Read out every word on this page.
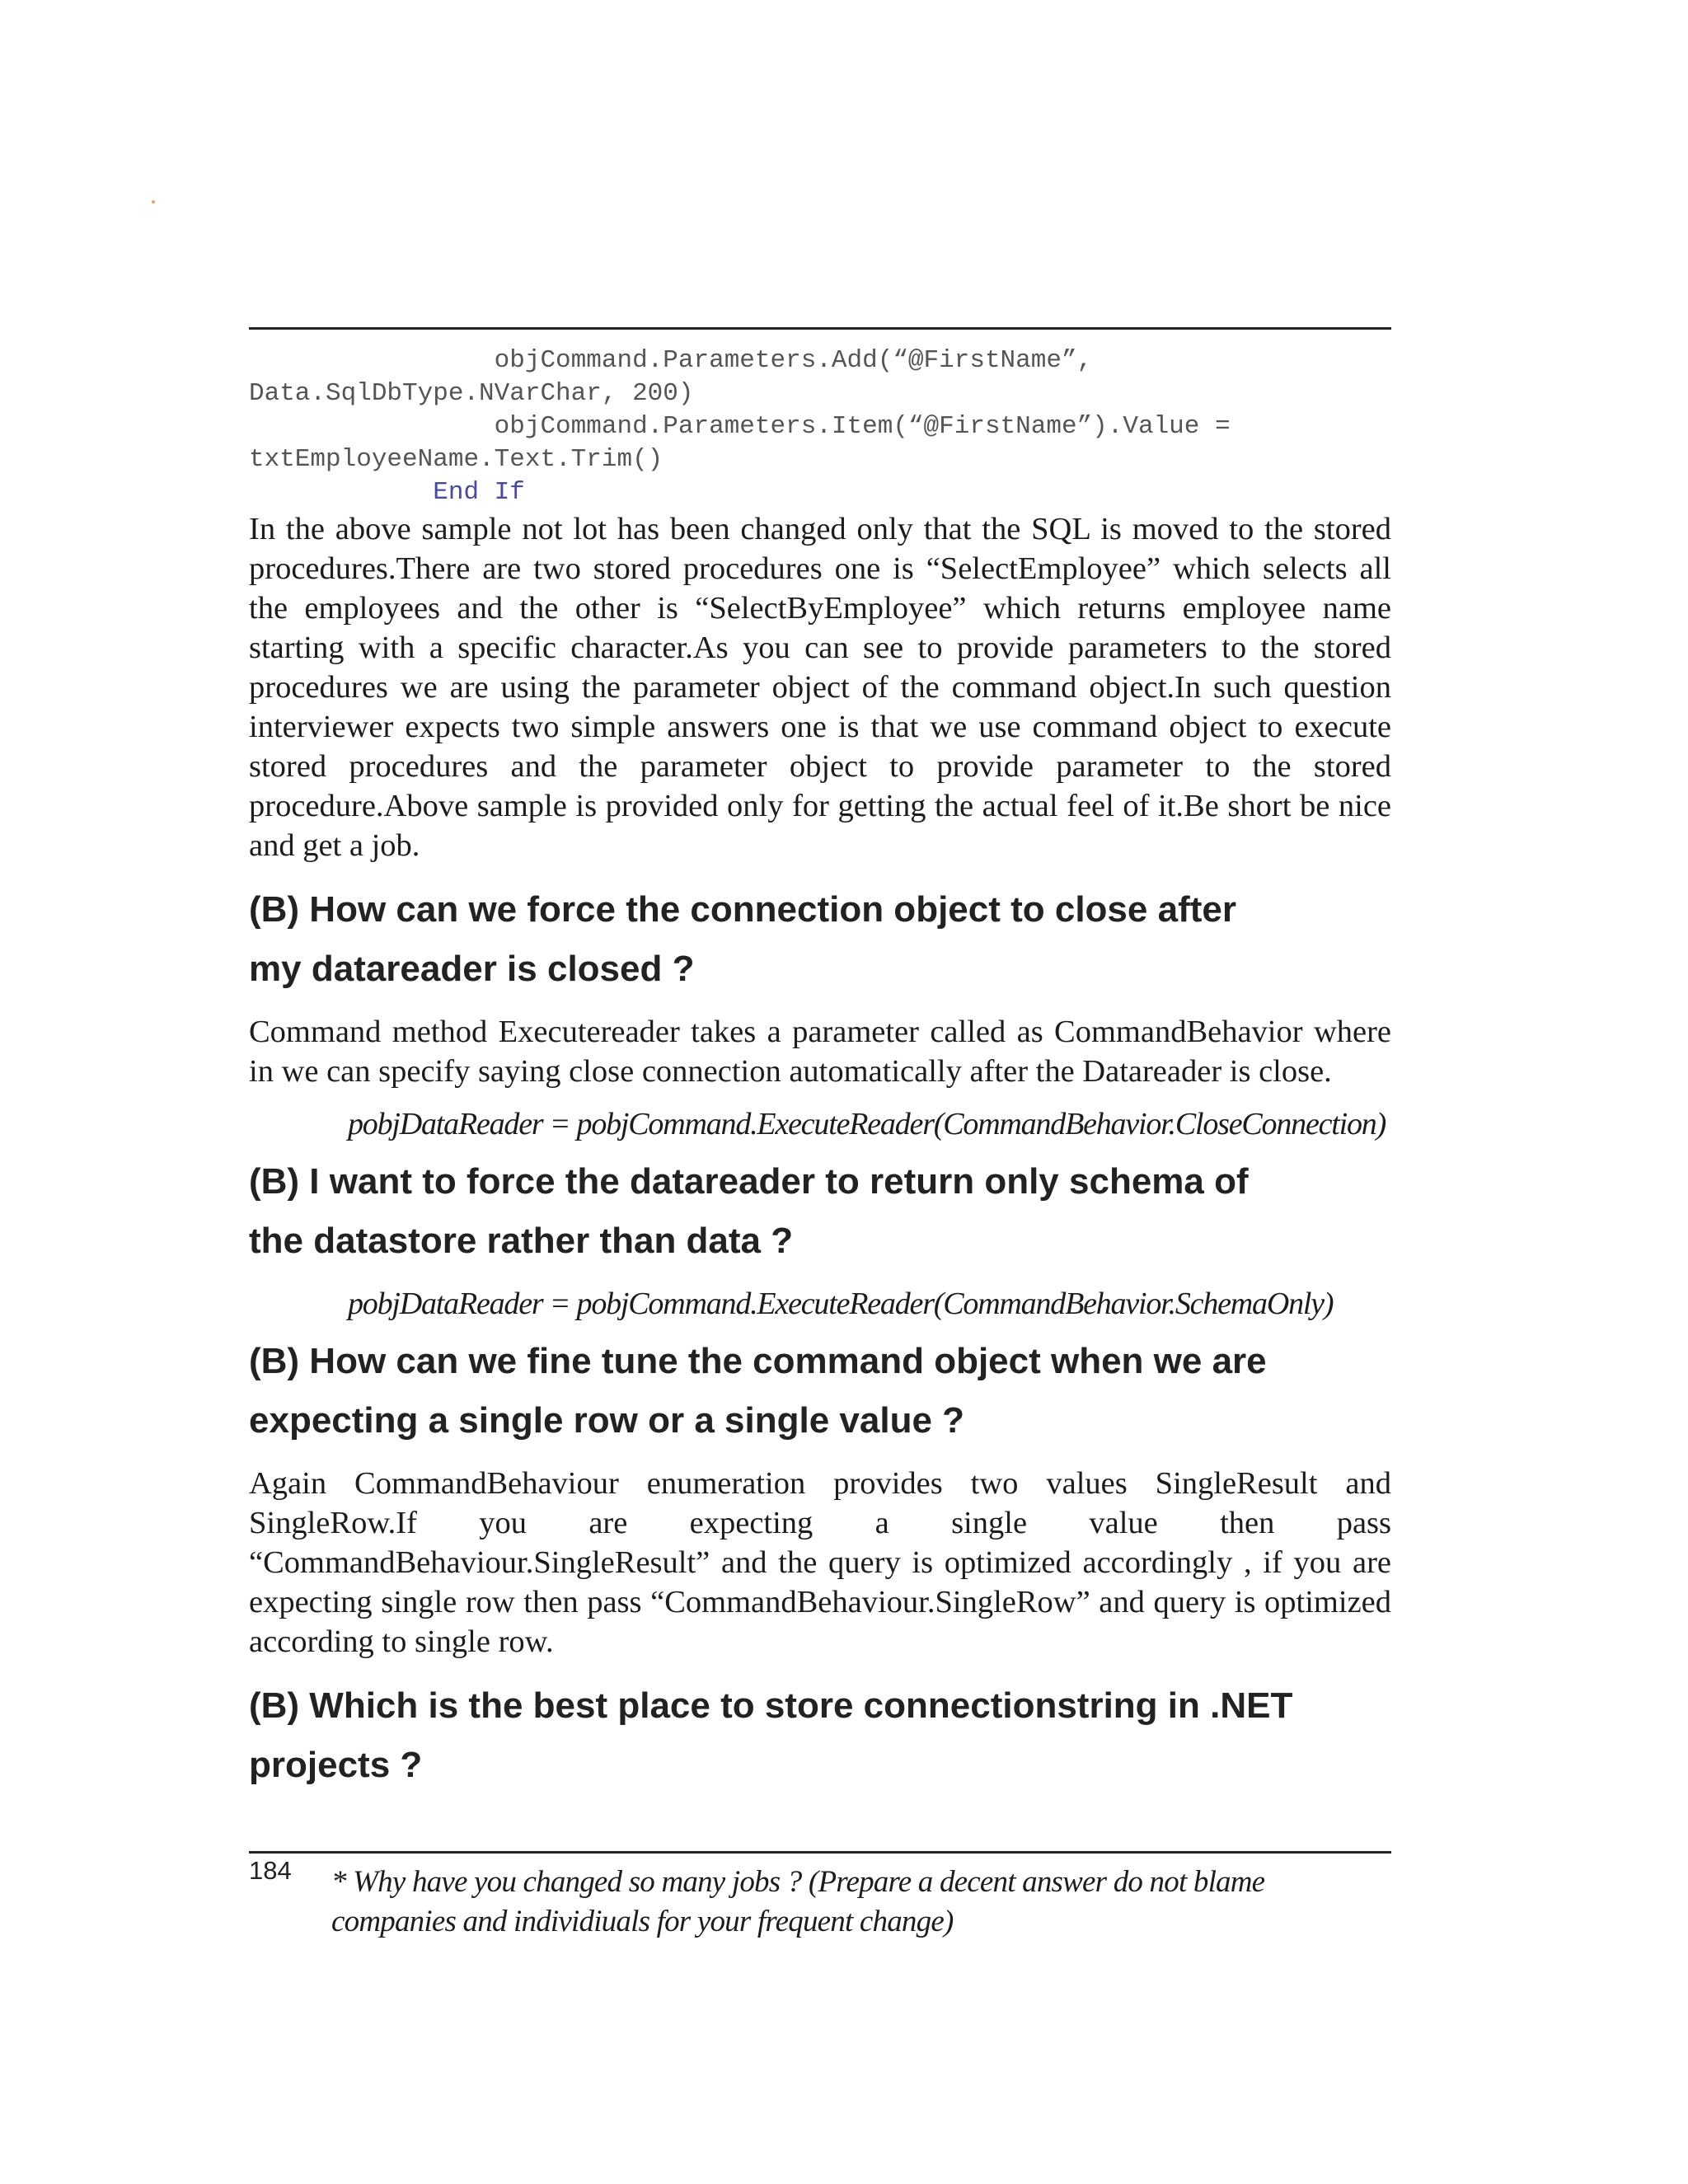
objCommand.Parameters.Add(“@FirstName”,
Data.SqlDbType.NVarChar, 200)
objCommand.Parameters.Item(“@FirstName”).Value =
txtEmployeeName.Text.Trim()
End If

In the above sample not lot has been changed only that the SQL is moved to the stored procedures.There are two stored procedures one is “SelectEmployee” which selects all the employees and the other is “SelectByEmployee” which returns employee name starting with a specific character.As you can see to provide parameters to the stored procedures we are using the parameter object of the command object.In such question interviewer expects two simple answers one is that we use command object to execute stored procedures and the parameter object to provide parameter to the stored procedure.Above sample is provided only for getting the actual feel of it.Be short be nice and get a job.

(B) How can we force the connection object to close after
my datareader is closed ?

Command method Executereader takes a parameter called as CommandBehavior where in we can specify saying close connection automatically after the Datareader is close.

pobjDataReader = pobjCommand.ExecuteReader(CommandBehavior.CloseConnection)

(B) I want to force the datareader to return only schema of
the datastore rather than data ?

pobjDataReader = pobjCommand.ExecuteReader(CommandBehavior.SchemaOnly)

(B) How can we fine tune the command object when we are
expecting a single row or a single value ?

Again CommandBehaviour enumeration provides two values SingleResult and SingleRow.If you are expecting a single value then pass “CommandBehaviour.SingleResult” and the query is optimized accordingly , if you are expecting single row then pass “CommandBehaviour.SingleRow” and query is optimized according to single row.

(B) Which is the best place to store connectionstring in .NET
projects ?
184 * Why have you changed so many jobs ? (Prepare a decent answer do not blame companies and individiuals for your frequent change)
